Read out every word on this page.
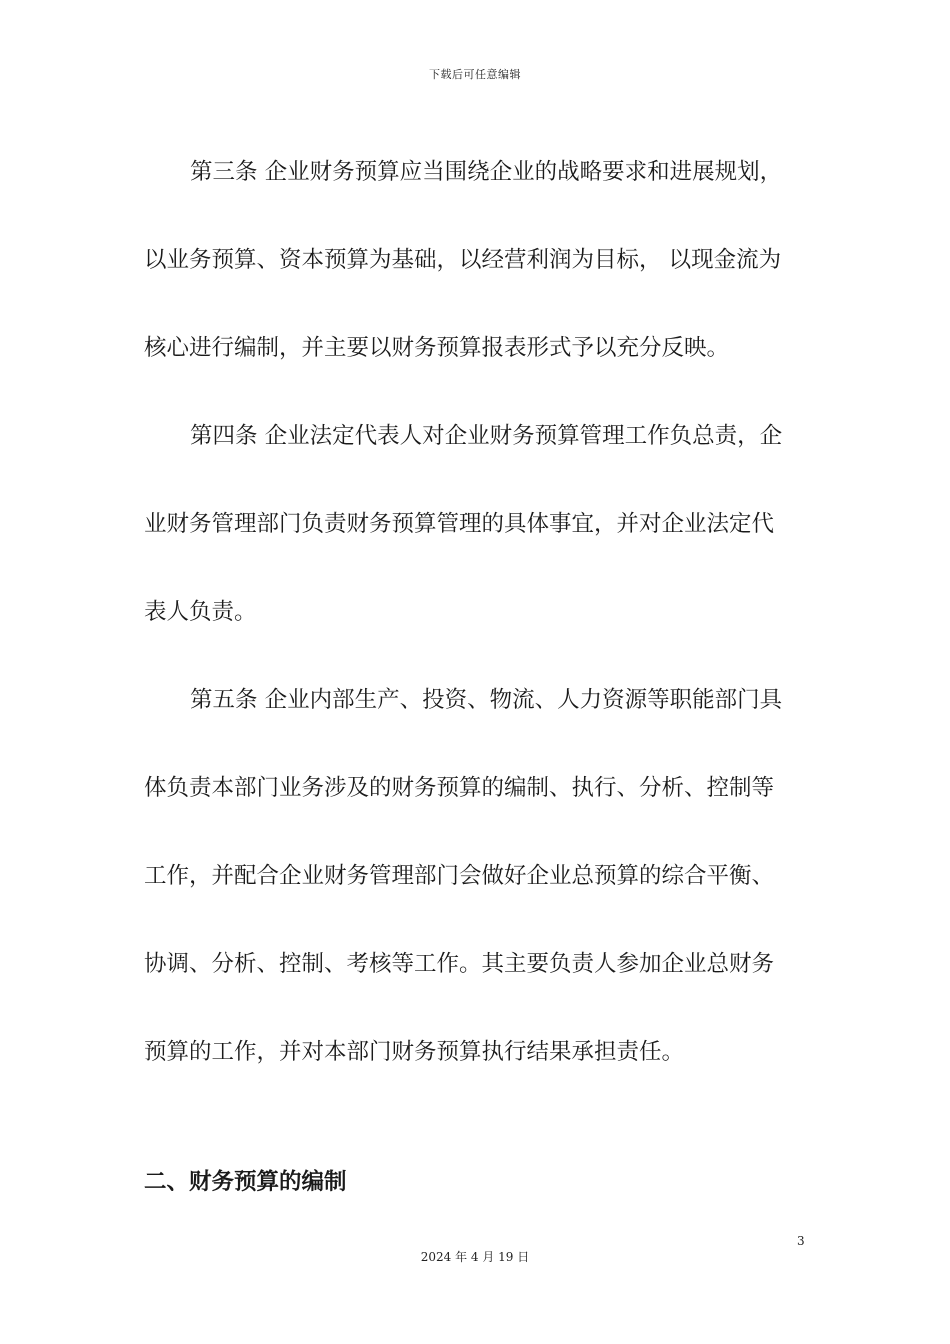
下载后可任意编辑
第三条 企业财务预算应当围绕企业的战略要求和进展规划，
以业务预算、资本预算为基础，以经营利润为目标， 以现金流为
核心进行编制，并主要以财务预算报表形式予以充分反映。
第四条 企业法定代表人对企业财务预算管理工作负总责，企
业财务管理部门负责财务预算管理的具体事宜，并对企业法定代
表人负责。
第五条 企业内部生产、投资、物流、人力资源等职能部门具
体负责本部门业务涉及的财务预算的编制、执行、分析、控制等
工作，并配合企业财务管理部门会做好企业总预算的综合平衡、
协调、分析、控制、考核等工作。其主要负责人参加企业总财务
预算的工作，并对本部门财务预算执行结果承担责任。
二、财务预算的编制
3
2024 年 4 月 19 日
